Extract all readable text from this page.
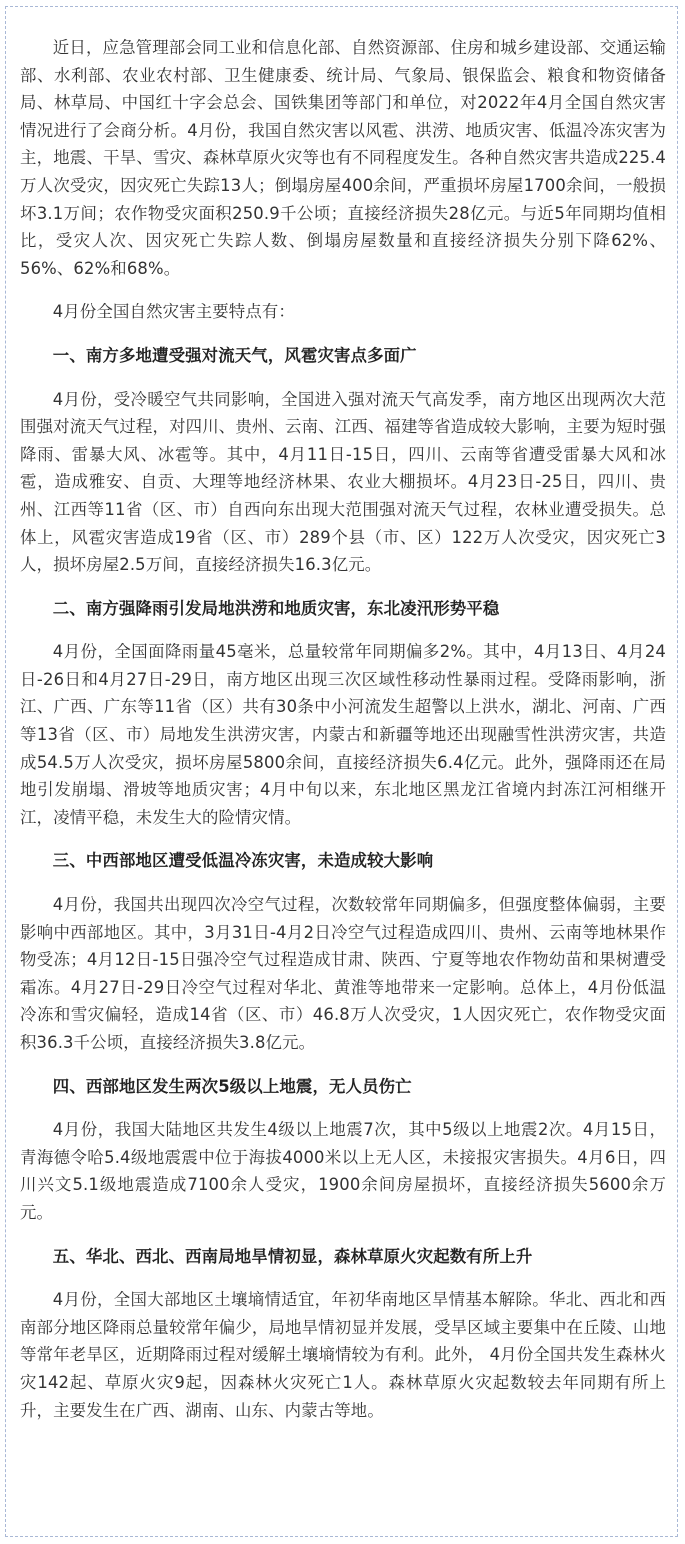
近日，应急管理部会同工业和信息化部、自然资源部、住房和城乡建设部、交通运输部、水利部、农业农村部、卫生健康委、统计局、气象局、银保监会、粮食和物资储备局、林草局、中国红十字会总会、国铁集团等部门和单位，对2022年4月全国自然灾害情况进行了会商分析。4月份，我国自然灾害以风雹、洪涝、地质灾害、低温冷冻灾害为主，地震、干旱、雪灾、森林草原火灾等也有不同程度发生。各种自然灾害共造成225.4万人次受灾，因灾死亡失踪13人；倒塌房屋400余间，严重损坏房屋1700余间，一般损坏3.1万间；农作物受灾面积250.9千公顷；直接经济损失28亿元。与近5年同期均值相比，受灾人次、因灾死亡失踪人数、倒塌房屋数量和直接经济损失分别下降62%、56%、62%和68%。

4月份全国自然灾害主要特点有：

一、南方多地遭受强对流天气，风雹灾害点多面广

4月份，受冷暖空气共同影响，全国进入强对流天气高发季，南方地区出现两次大范围强对流天气过程，对四川、贵州、云南、江西、福建等省造成较大影响，主要为短时强降雨、雷暴大风、冰雹等。其中，4月11日-15日，四川、云南等省遭受雷暴大风和冰雹，造成雅安、自贡、大理等地经济林果、农业大棚损坏。4月23日-25日，四川、贵州、江西等11省（区、市）自西向东出现大范围强对流天气过程，农林业遭受损失。总体上，风雹灾害造成19省（区、市）289个县（市、区）122万人次受灾，因灾死亡3人，损坏房屋2.5万间，直接经济损失16.3亿元。

二、南方强降雨引发局地洪涝和地质灾害，东北凌汛形势平稳

4月份，全国面降雨量45毫米，总量较常年同期偏多2%。其中，4月13日、4月24日-26日和4月27日-29日，南方地区出现三次区域性移动性暴雨过程。受降雨影响，浙江、广西、广东等11省（区）共有30条中小河流发生超警以上洪水，湖北、河南、广西等13省（区、市）局地发生洪涝灾害，内蒙古和新疆等地还出现融雪性洪涝灾害，共造成54.5万人次受灾，损坏房屋5800余间，直接经济损失6.4亿元。此外，强降雨还在局地引发崩塌、滑坡等地质灾害；4月中旬以来，东北地区黑龙江省境内封冻江河相继开江，凌情平稳，未发生大的险情灾情。

三、中西部地区遭受低温冷冻灾害，未造成较大影响

4月份，我国共出现四次冷空气过程，次数较常年同期偏多，但强度整体偏弱，主要影响中西部地区。其中，3月31日-4月2日冷空气过程造成四川、贵州、云南等地林果作物受冻；4月12日-15日强冷空气过程造成甘肃、陕西、宁夏等地农作物幼苗和果树遭受霜冻。4月27日-29日冷空气过程对华北、黄淮等地带来一定影响。总体上，4月份低温冷冻和雪灾偏轻，造成14省（区、市）46.8万人次受灾，1人因灾死亡，农作物受灾面积36.3千公顷，直接经济损失3.8亿元。

四、西部地区发生两次5级以上地震，无人员伤亡

4月份，我国大陆地区共发生4级以上地震7次，其中5级以上地震2次。4月15日，青海德令哈5.4级地震震中位于海拔4000米以上无人区，未接报灾害损失。4月6日，四川兴文5.1级地震造成7100余人受灾，1900余间房屋损坏，直接经济损失5600余万元。

五、华北、西北、西南局地旱情初显，森林草原火灾起数有所上升

4月份，全国大部地区土壤墒情适宜，年初华南地区旱情基本解除。华北、西北和西南部分地区降雨总量较常年偏少，局地旱情初显并发展，受旱区域主要集中在丘陵、山地等常年老旱区，近期降雨过程对缓解土壤墒情较为有利。此外， 4月份全国共发生森林火灾142起、草原火灾9起，因森林火灾死亡1人。森林草原火灾起数较去年同期有所上升，主要发生在广西、湖南、山东、内蒙古等地。
